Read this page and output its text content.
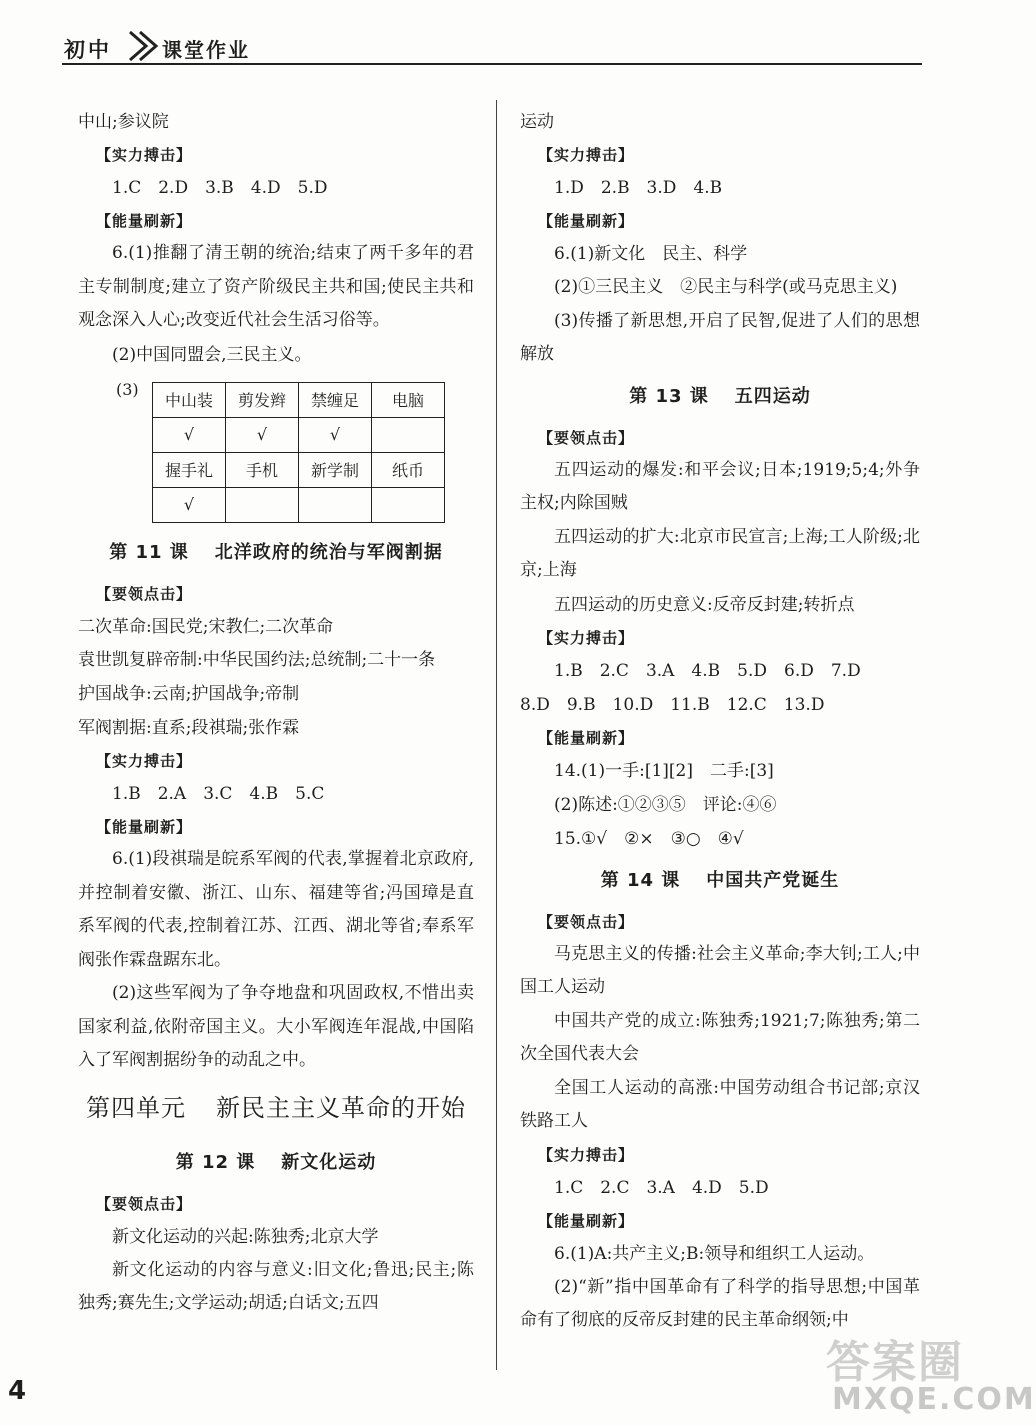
初中	课堂作业
中山;参议院
【实力搏击】
1.C　2.D　3.B　4.D　5.D
【能量刷新】
6.(1)推翻了清王朝的统治;结束了两千多年的君主专制制度;建立了资产阶级民主共和国;使民主共和观念深入人心;改变近代社会生活习俗等。
(2)中国同盟会,三民主义。
(3)
中山装	剪发辫	禁缠足	电脑
√	√	√	
握手礼	手机	新学制	纸币
√			
第 11 课 北洋政府的统治与军阀割据
【要领点击】
二次革命:国民党;宋教仁;二次革命
袁世凯复辟帝制:中华民国约法;总统制;二十一条
护国战争:云南;护国战争;帝制
军阀割据:直系;段祺瑞;张作霖
【实力搏击】
1.B　2.A　3.C　4.B　5.C
【能量刷新】
6.(1)段祺瑞是皖系军阀的代表,掌握着北京政府,并控制着安徽、浙江、山东、福建等省;冯国璋是直系军阀的代表,控制着江苏、江西、湖北等省;奉系军阀张作霖盘踞东北。
(2)这些军阀为了争夺地盘和巩固政权,不惜出卖国家利益,依附帝国主义。大小军阀连年混战,中国陷入了军阀割据纷争的动乱之中。
第四单元 新民主主义革命的开始
第 12 课 新文化运动
【要领点击】
新文化运动的兴起:陈独秀;北京大学
新文化运动的内容与意义:旧文化;鲁迅;民主;陈独秀;赛先生;文学运动;胡适;白话文;五四
运动
【实力搏击】
1.D　2.B　3.D　4.B
【能量刷新】
6.(1)新文化　民主、科学
(2)①三民主义　②民主与科学(或马克思主义)
(3)传播了新思想,开启了民智,促进了人们的思想解放
第 13 课 五四运动
【要领点击】
五四运动的爆发:和平会议;日本;1919;5;4;外争主权;内除国贼
五四运动的扩大:北京市民宣言;上海;工人阶级;北京;上海
五四运动的历史意义:反帝反封建;转折点
【实力搏击】
1.B　2.C　3.A　4.B　5.D　6.D　7.D
8.D　9.B　10.D　11.B　12.C　13.D
【能量刷新】
14.(1)一手:[1][2]　二手:[3]
(2)陈述:①②③⑤　评论:④⑥
15.①√　②×　③○　④√
第 14 课 中国共产党诞生
【要领点击】
马克思主义的传播:社会主义革命;李大钊;工人;中国工人运动
中国共产党的成立:陈独秀;1921;7;陈独秀;第二次全国代表大会
全国工人运动的高涨:中国劳动组合书记部;京汉铁路工人
【实力搏击】
1.C　2.C　3.A　4.D　5.D
【能量刷新】
6.(1)A:共产主义;B:领导和组织工人运动。
(2)“新”指中国革命有了科学的指导思想;中国革命有了彻底的反帝反封建的民主革命纲领;中
4
答案圈
MXQE.COM
